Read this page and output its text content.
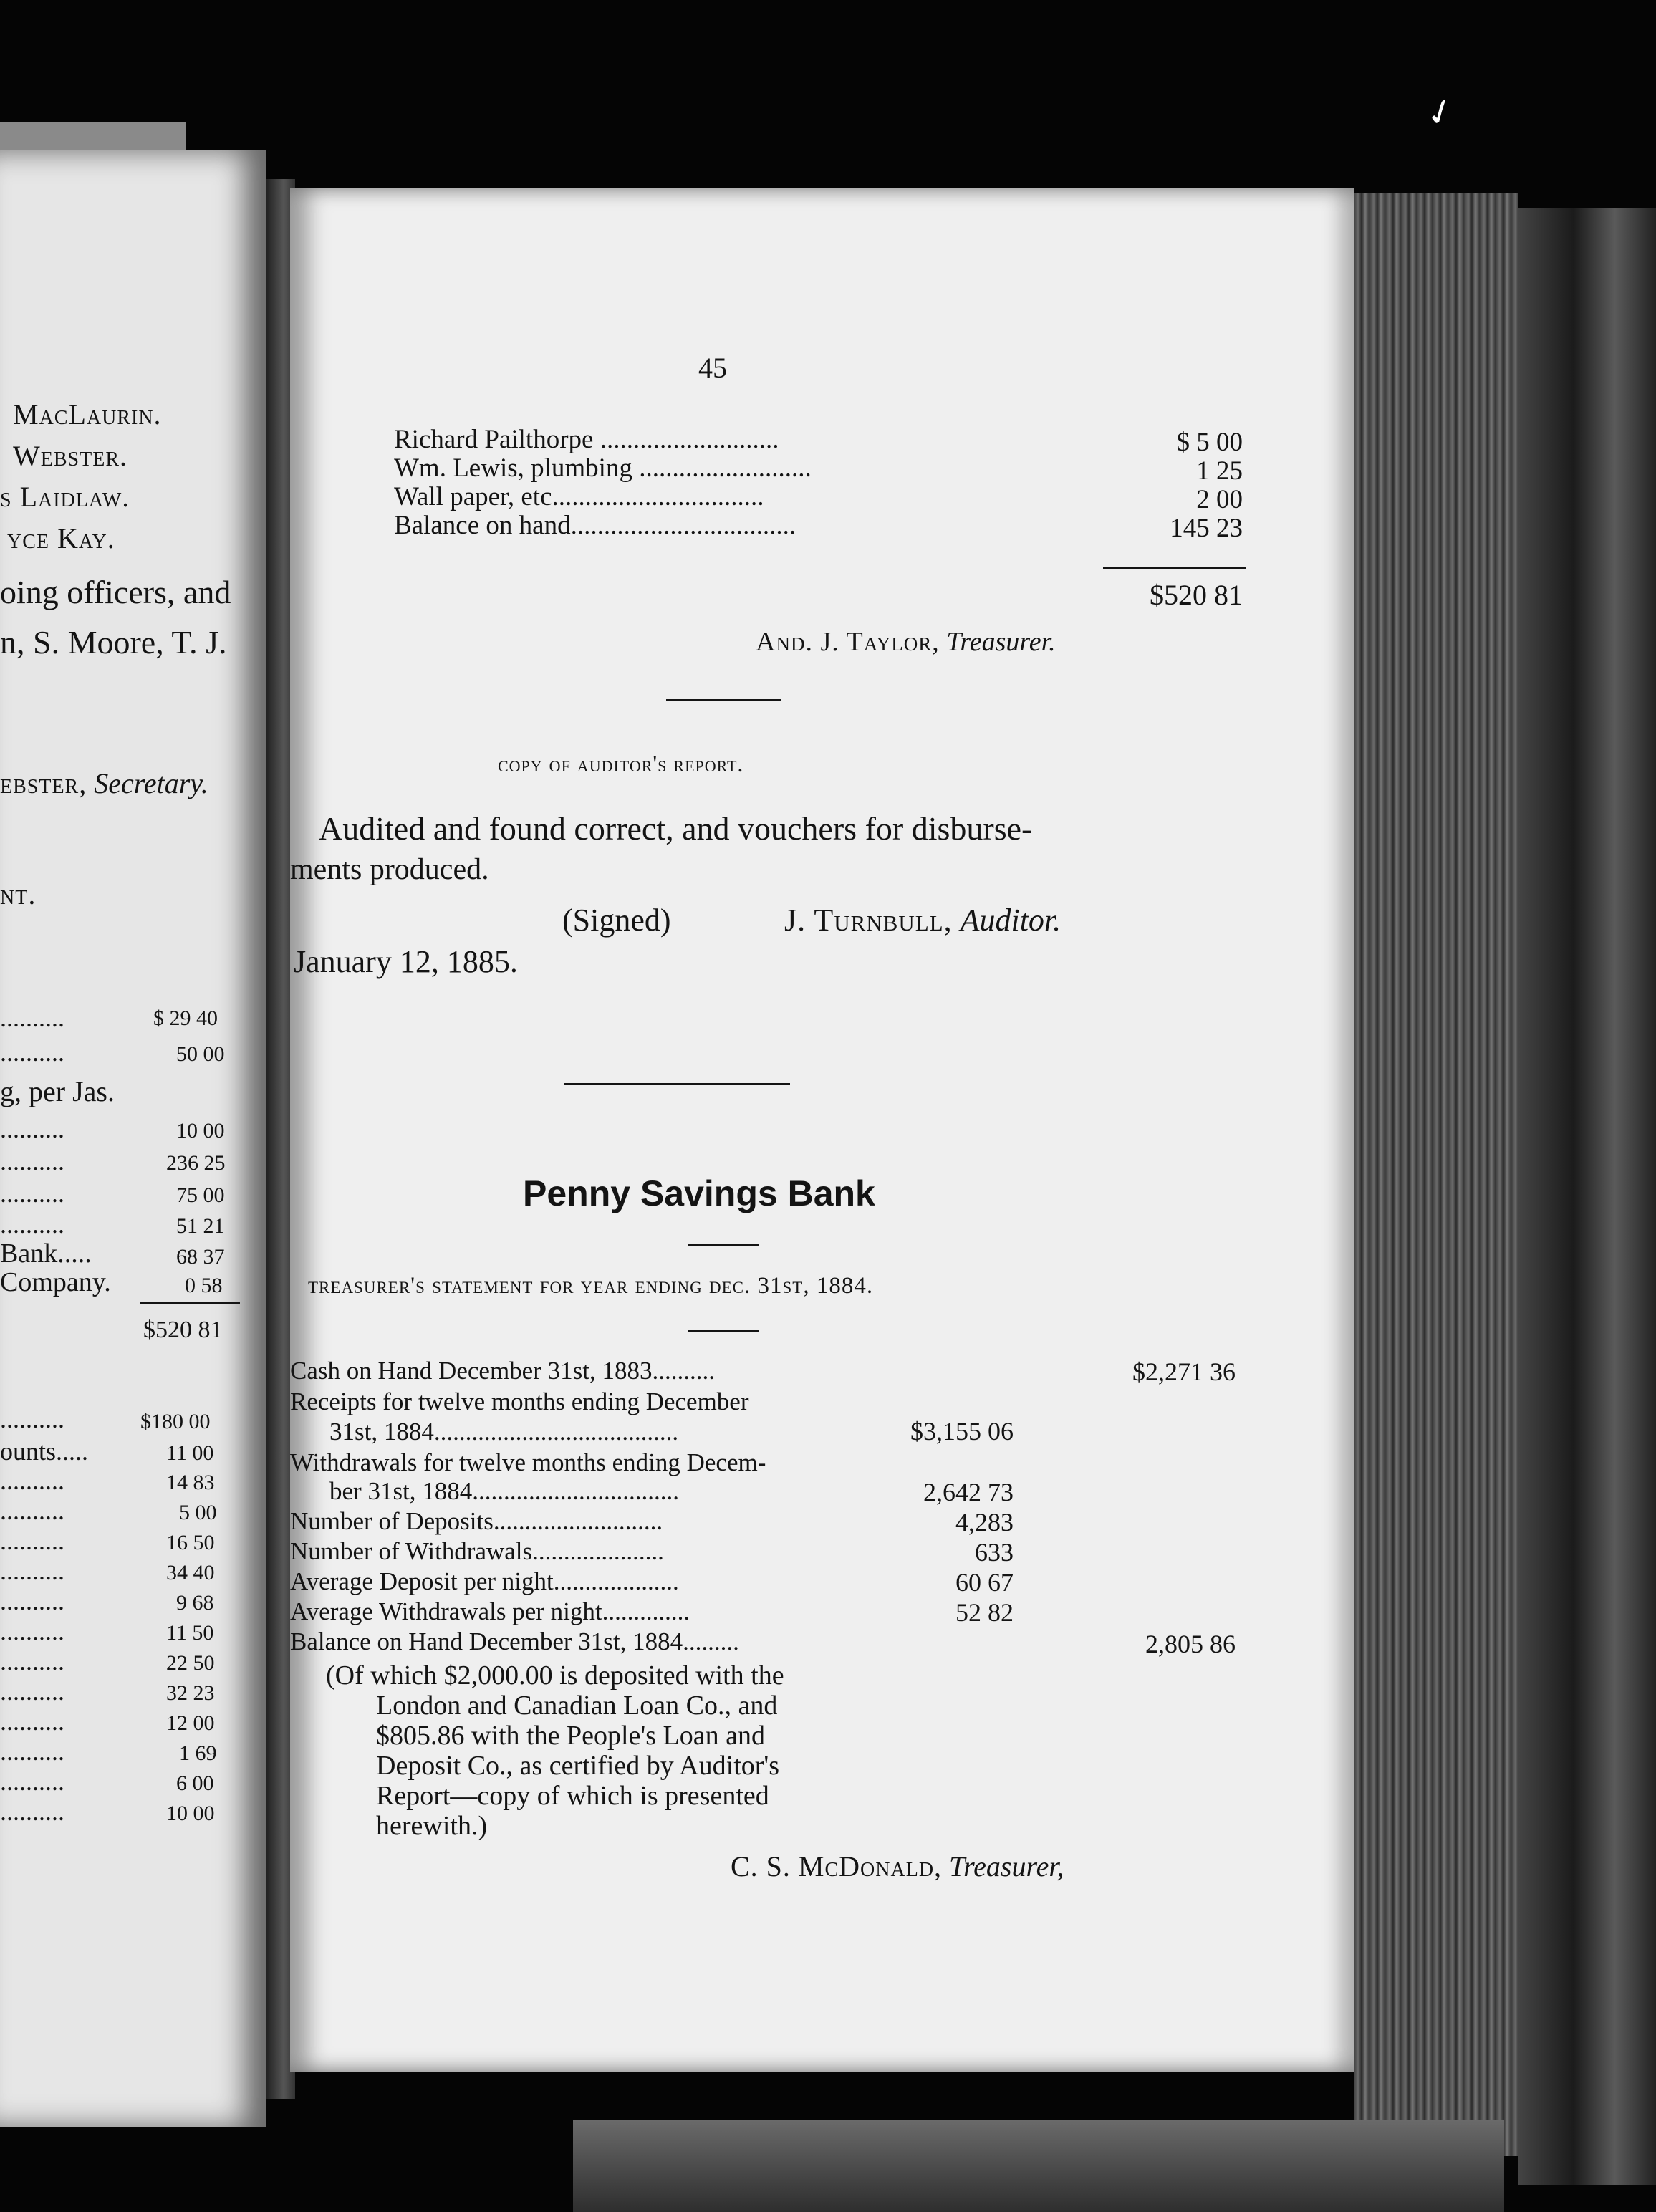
MacLaurin.
Webster.
s Laidlaw.
yce Kay.
oing officers, and
n, S. Moore, T. J.
ebster, Secretary.
nt.
..........	$ 29 40
..........	50 00
g, per Jas.
..........	10 00
..........	236 25
..........	75 00
..........	51 21
Bank.....	68 37
Company.	0 58
$520 81
..........	$180 00
ounts.....	11 00
..........	14 83
..........	5 00
..........	16 50
..........	34 40
..........	9 68
..........	11 50
..........	22 50
..........	32 23
..........	12 00
..........	1 69
..........	6 00
..........	10 00
✓
45
Richard Pailthorpe ...........................	$ 5 00
Wm. Lewis, plumbing ..........................	1 25
Wall paper, etc................................	2 00
Balance on hand..................................	145 23
$520 81
And. J. Taylor, Treasurer.
copy of auditor's report.
Audited and found correct, and vouchers for disburse-
ments produced.
(Signed)	J. Turnbull, Auditor.
January 12, 1885.
Penny Savings Bank
treasurer's statement for year ending dec. 31st, 1884.
Cash on Hand December 31st, 1883..........	$2,271 36
Receipts for twelve months ending December
31st, 1884.......................................	$3,155 06
Withdrawals for twelve months ending Decem-
ber 31st, 1884.................................	2,642 73
Number of Deposits...........................	4,283
Number of Withdrawals.....................	633
Average Deposit per night....................	60 67
Average Withdrawals per night..............	52 82
Balance on Hand December 31st, 1884.........	2,805 86
(Of which $2,000.00 is deposited with the
London and Canadian Loan Co., and
$805.86 with the People's Loan and
Deposit Co., as certified by Auditor's
Report—copy of which is presented
herewith.)
C. S. McDonald, Treasurer,
